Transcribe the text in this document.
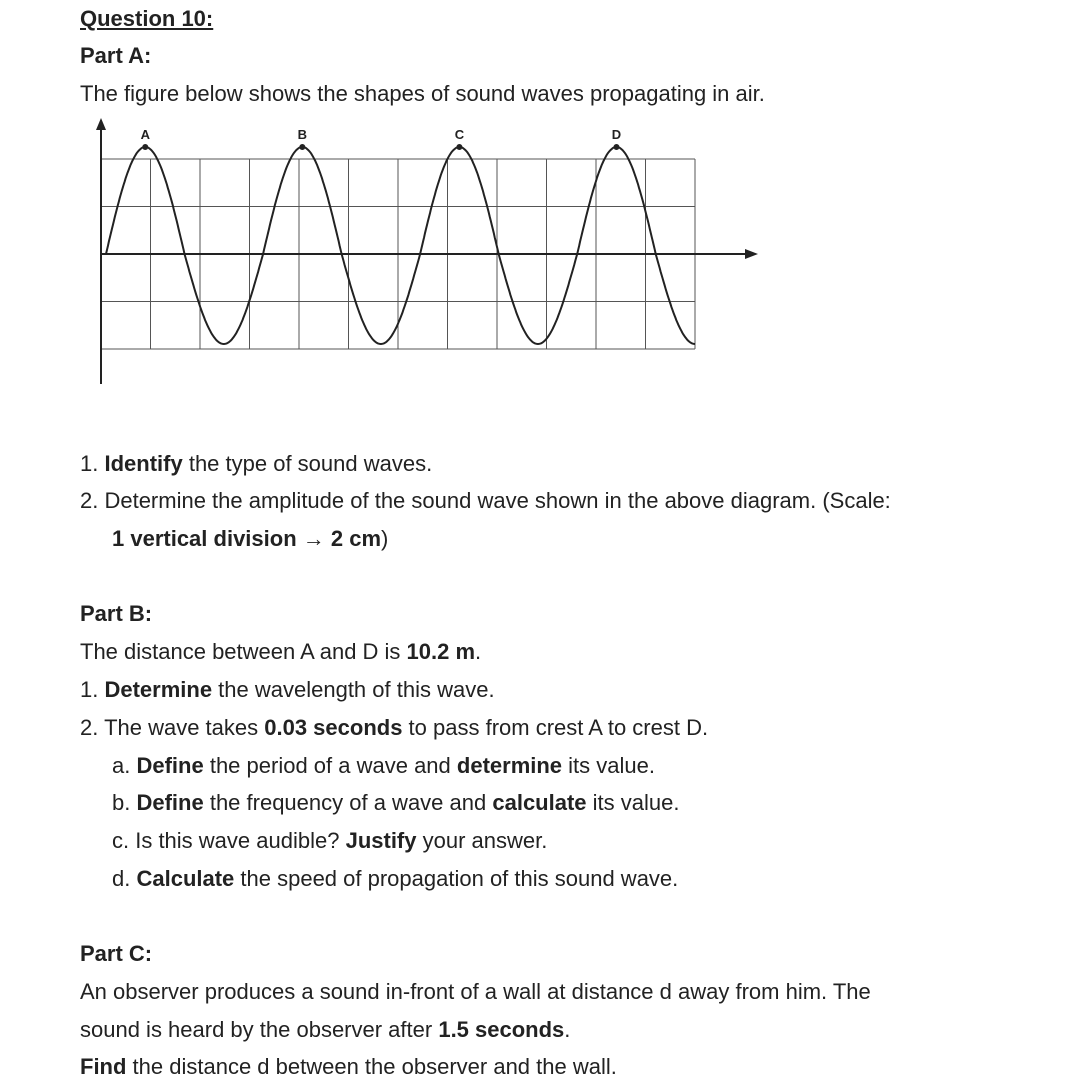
Question 10:
Part A:
The figure below shows the shapes of sound waves propagating in air.
A	B	C	D
1. Identify the type of sound waves.
2. Determine the amplitude of the sound wave shown in the above diagram. (Scale:
1 vertical division → 2 cm)
Part B:
The distance between A and D is 10.2 m.
1. Determine the wavelength of this wave.
2. The wave takes 0.03 seconds to pass from crest A to crest D.
a. Define the period of a wave and determine its value.
b. Define the frequency of a wave and calculate its value.
c. Is this wave audible? Justify your answer.
d. Calculate the speed of propagation of this sound wave.
Part C:
An observer produces a sound in-front of a wall at distance d away from him. The
sound is heard by the observer after 1.5 seconds.
Find the distance d between the observer and the wall.
